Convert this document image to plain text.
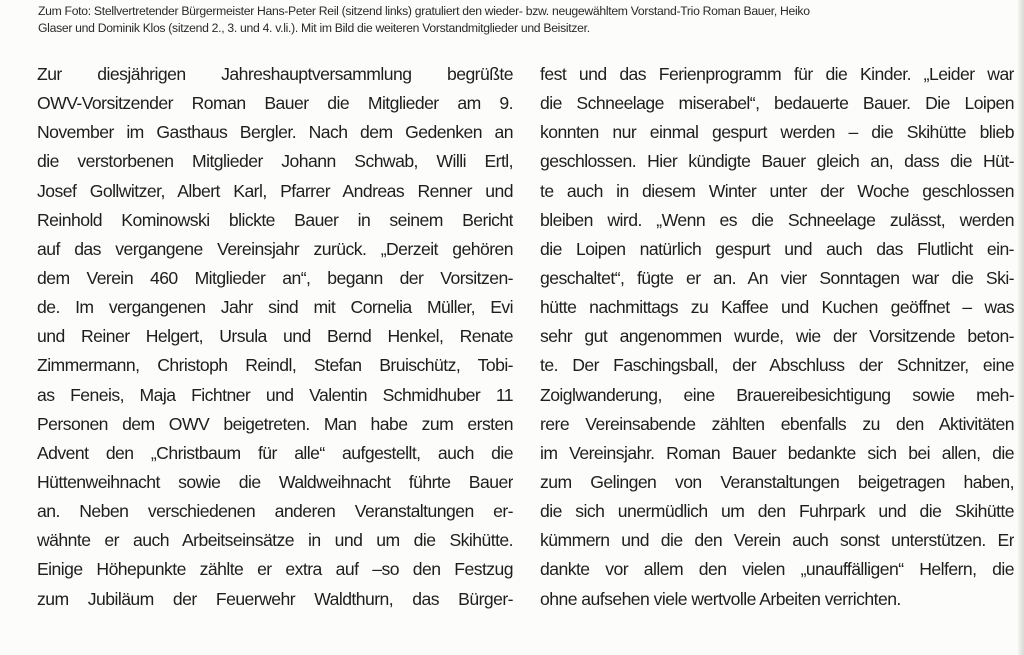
Zum Foto: Stellvertretender Bürgermeister Hans-Peter Reil (sitzend links) gratuliert den wieder- bzw. neugewähltem Vorstand-Trio Roman Bauer, Heiko
Glaser und Dominik Klos (sitzend 2., 3. und 4. v.li.). Mit im Bild die weiteren Vorstandmitglieder und Beisitzer.
Zur diesjährigen Jahreshauptversammlung begrüßte
OWV-Vorsitzender Roman Bauer die Mitglieder am 9.
November im Gasthaus Bergler. Nach dem Gedenken an
die verstorbenen Mitglieder Johann Schwab, Willi Ertl,
Josef Gollwitzer, Albert Karl, Pfarrer Andreas Renner und
Reinhold Kominowski blickte Bauer in seinem Bericht
auf das vergangene Vereinsjahr zurück. „Derzeit gehören
dem Verein 460 Mitglieder an“, begann der Vorsitzen-
de. Im vergangenen Jahr sind mit Cornelia Müller, Evi
und Reiner Helgert, Ursula und Bernd Henkel, Renate
Zimmermann, Christoph Reindl, Stefan Bruischütz, Tobi-
as Feneis, Maja Fichtner und Valentin Schmidhuber 11
Personen dem OWV beigetreten. Man habe zum ersten
Advent den „Christbaum für alle“ aufgestellt, auch die
Hüttenweihnacht sowie die Waldweihnacht führte Bauer
an. Neben verschiedenen anderen Veranstaltungen er-
wähnte er auch Arbeitseinsätze in und um die Skihütte.
Einige Höhepunkte zählte er extra auf –so den Festzug
zum Jubiläum der Feuerwehr Waldthurn, das Bürger-
fest und das Ferienprogramm für die Kinder. „Leider war
die Schneelage miserabel“, bedauerte Bauer. Die Loipen
konnten nur einmal gespurt werden – die Skihütte blieb
geschlossen. Hier kündigte Bauer gleich an, dass die Hüt-
te auch in diesem Winter unter der Woche geschlossen
bleiben wird. „Wenn es die Schneelage zulässt, werden
die Loipen natürlich gespurt und auch das Flutlicht ein-
geschaltet“, fügte er an. An vier Sonntagen war die Ski-
hütte nachmittags zu Kaffee und Kuchen geöffnet – was
sehr gut angenommen wurde, wie der Vorsitzende beton-
te. Der Faschingsball, der Abschluss der Schnitzer, eine
Zoiglwanderung, eine Brauereibesichtigung sowie meh-
rere Vereinsabende zählten ebenfalls zu den Aktivitäten
im Vereinsjahr. Roman Bauer bedankte sich bei allen, die
zum Gelingen von Veranstaltungen beigetragen haben,
die sich unermüdlich um den Fuhrpark und die Skihütte
kümmern und die den Verein auch sonst unterstützen. Er
dankte vor allem den vielen „unauffälligen“ Helfern, die
ohne aufsehen viele wertvolle Arbeiten verrichten.
